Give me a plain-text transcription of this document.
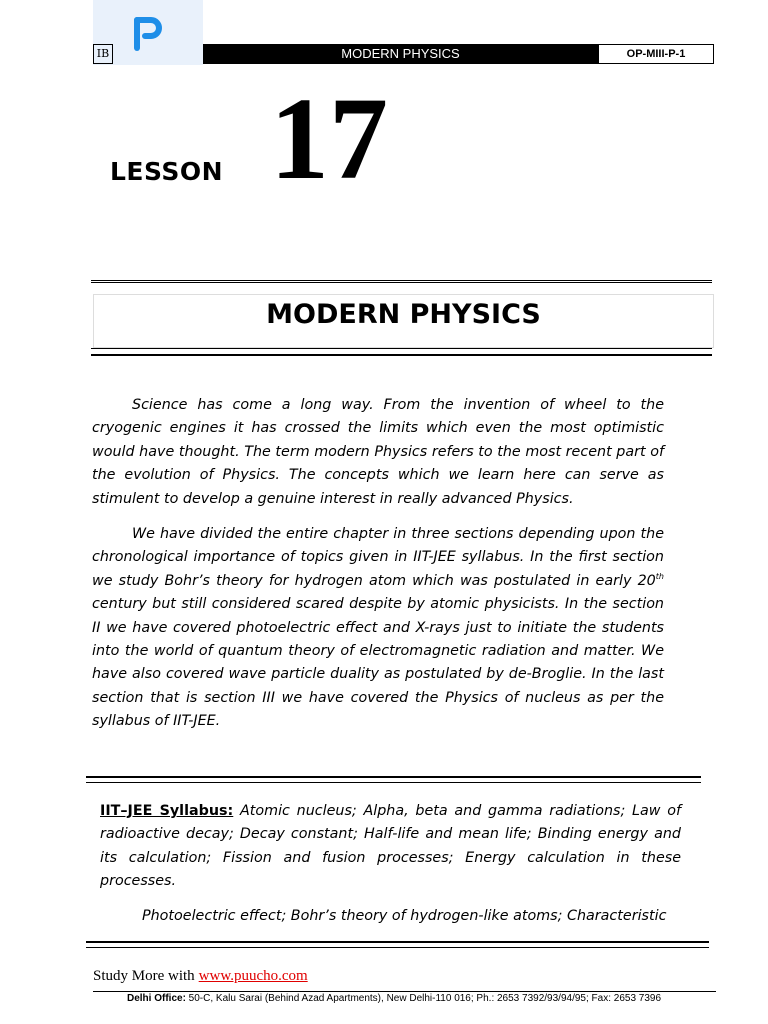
IB	MODERN PHYSICS	OP-MIII-P-1
LESSON 17
MODERN PHYSICS

Science has come a long way. From the invention of wheel to the cryogenic engines it has crossed the limits which even the most optimistic would have thought. The term modern Physics refers to the most recent part of the evolution of Physics. The concepts which we learn here can serve as stimulent to develop a genuine interest in really advanced Physics.

We have divided the entire chapter in three sections depending upon the chronological importance of topics given in IIT-JEE syllabus. In the first section we study Bohr’s theory for hydrogen atom which was postulated in early 20th century but still considered scared despite by atomic physicists. In the section II we have covered photoelectric effect and X-rays just to initiate the students into the world of quantum theory of electromagnetic radiation and matter. We have also covered wave particle duality as postulated by de-Broglie. In the last section that is section III we have covered the Physics of nucleus as per the syllabus of IIT-JEE.

IIT–JEE Syllabus: Atomic nucleus; Alpha, beta and gamma radiations; Law of radioactive decay; Decay constant; Half-life and mean life; Binding energy and its calculation; Fission and fusion processes; Energy calculation in these processes.

Photoelectric effect; Bohr’s theory of hydrogen-like atoms; Characteristic

Study More with www.puucho.com
Delhi Office: 50-C, Kalu Sarai (Behind Azad Apartments), New Delhi-110 016; Ph.: 2653 7392/93/94/95; Fax: 2653 7396
